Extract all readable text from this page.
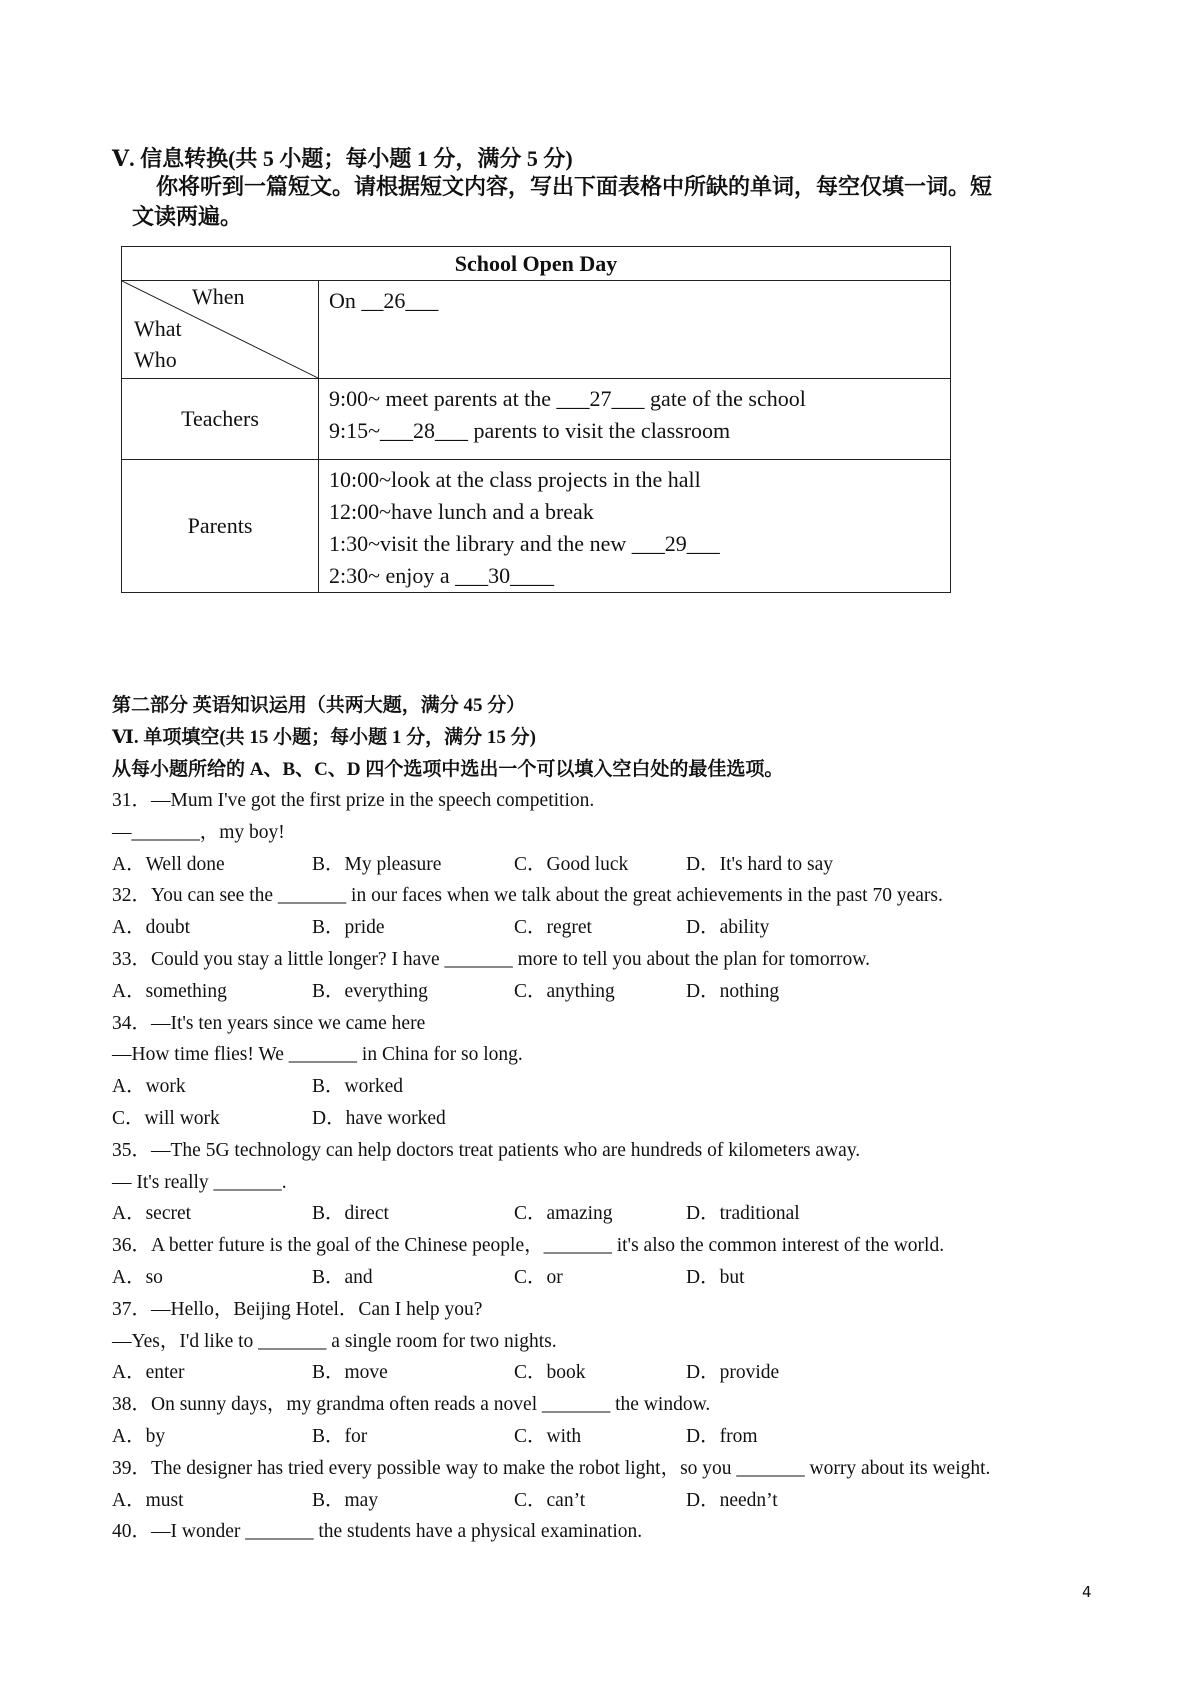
Ⅴ. 信息转换(共 5 小题；每小题 1 分，满分 5 分)
你将听到一篇短文。请根据短文内容，写出下面表格中所缺的单词，每空仅填一词。短
文读两遍。
School Open Day	

When
What
Who	On __26___

Teachers	9:00~ meet parents at the ___27___ gate of the school
9:15~___28___ parents to visit the classroom

Parents	10:00~look at the class projects in the hall
12:00~have lunch and a break
1:30~visit the library and the new ___29___
2:30~ enjoy a ___30____
第二部分 英语知识运用（共两大题，满分 45 分）
Ⅵ. 单项填空(共 15 小题；每小题 1 分，满分 15 分)
从每小题所给的 A、B、C、D 四个选项中选出一个可以填入空白处的最佳选项。
31．—Mum I've got the first prize in the speech competition.
—_______，my boy!
A．Well done	B．My pleasure	C．Good luck	D．It's hard to say
32．You can see the _______ in our faces when we talk about the great achievements in the past 70 years.
A．doubt	B．pride	C．regret	D．ability
33．Could you stay a little longer? I have _______ more to tell you about the plan for tomorrow.
A．something	B．everything	C．anything	D．nothing
34．—It's ten years since we came here
—How time flies! We _______ in China for so long.
A．work	B．worked
C．will work	D．have worked
35．—The 5G technology can help doctors treat patients who are hundreds of kilometers away.
— It's really _______.
A．secret	B．direct	C．amazing	D．traditional
36．A better future is the goal of the Chinese people，_______ it's also the common interest of the world.
A．so	B．and	C．or	D．but
37．—Hello，Beijing Hotel．Can I help you?
—Yes，I'd like to _______ a single room for two nights.
A．enter	B．move	C．book	D．provide
38．On sunny days，my grandma often reads a novel _______ the window.
A．by	B．for	C．with	D．from
39．The designer has tried every possible way to make the robot light，so you _______ worry about its weight.
A．must	B．may	C．can’t	D．needn’t
40．—I wonder _______ the students have a physical examination.
4
